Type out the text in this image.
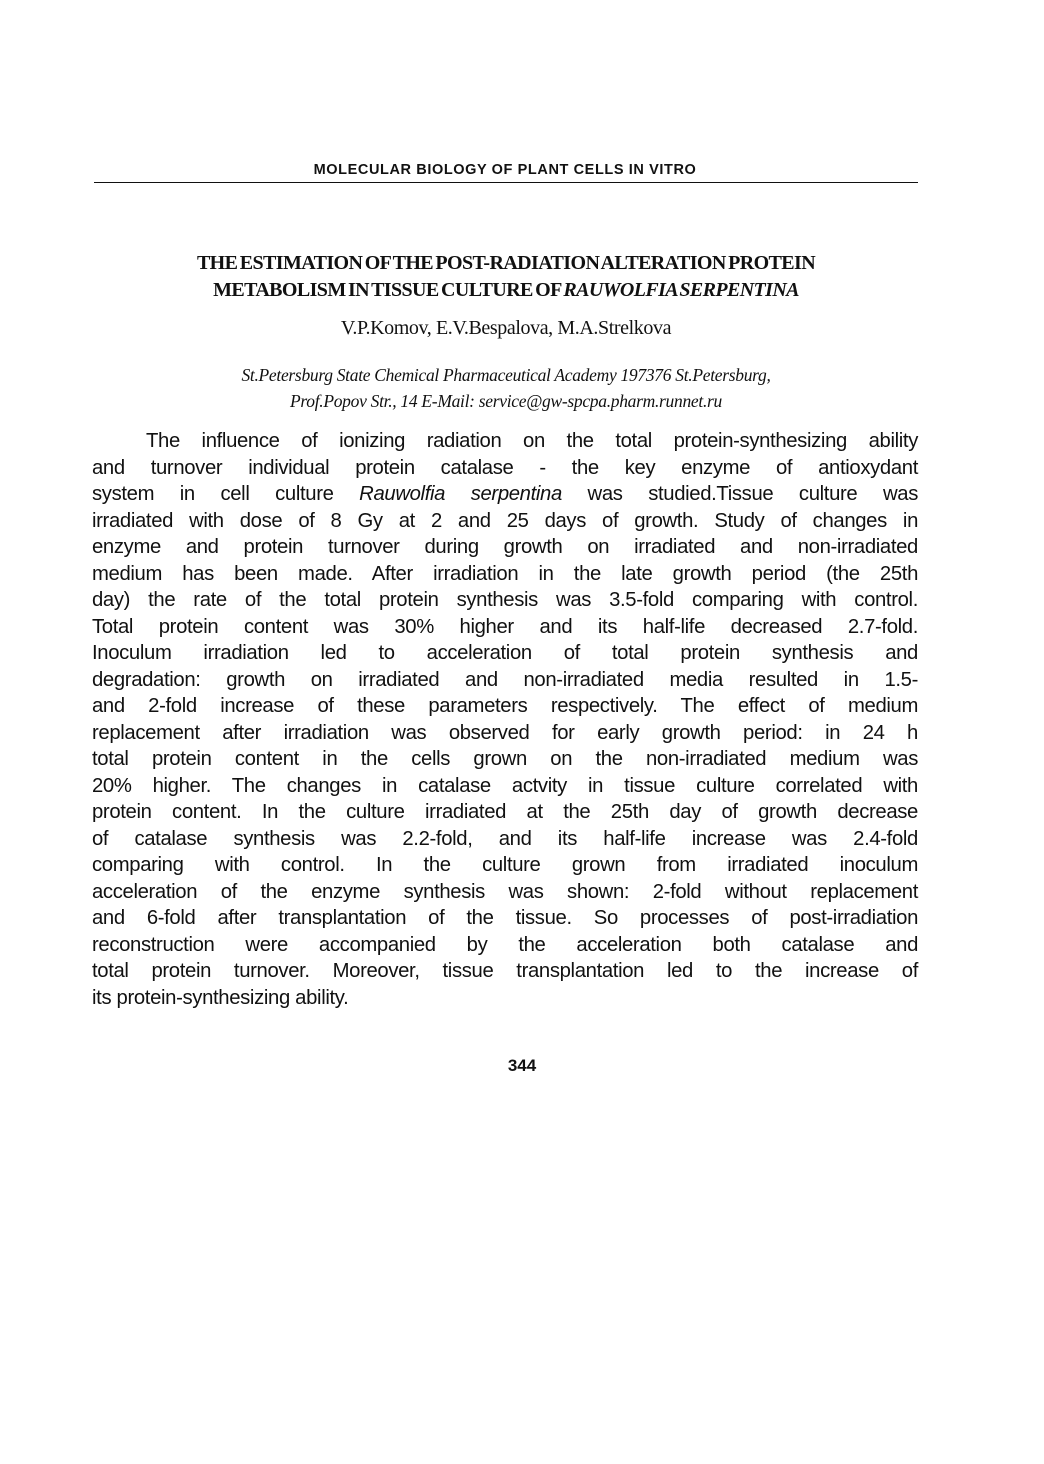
MOLECULAR BIOLOGY OF PLANT CELLS IN VITRO
THE ESTIMATION OF THE POST-RADIATION ALTERATION PROTEIN
METABOLISM IN TISSUE CULTURE OF RAUWOLFIA SERPENTINA
V.P.Komov, E.V.Bespalova, M.A.Strelkova
St.Petersburg State Chemical Pharmaceutical Academy 197376 St.Petersburg,
Prof.Popov Str., 14 E-Mail: service@gw-spcpa.pharm.runnet.ru
The influence of ionizing radiation on the total protein-synthesizing ability
and turnover individual protein catalase - the key enzyme of antioxydant
system in cell culture Rauwolfia serpentina was studied.Tissue culture was
irradiated with dose of 8 Gy at 2 and 25 days of growth. Study of changes in
enzyme and protein turnover during growth on irradiated and non-irradiated
medium has been made. After irradiation in the late growth period (the 25th
day) the rate of the total protein synthesis was 3.5-fold comparing with control.
Total protein content was 30% higher and its half-life decreased 2.7-fold.
Inoculum irradiation led to acceleration of total protein synthesis and
degradation: growth on irradiated and non-irradiated media resulted in 1.5-
and 2-fold increase of these parameters respectively. The effect of medium
replacement after irradiation was observed for early growth period: in 24 h
total protein content in the cells grown on the non-irradiated medium was
20% higher. The changes in catalase actvity in tissue culture correlated with
protein content. In the culture irradiated at the 25th day of growth decrease
of catalase synthesis was 2.2-fold, and its half-life increase was 2.4-fold
comparing with control. In the culture grown from irradiated inoculum
acceleration of the enzyme synthesis was shown: 2-fold without replacement
and 6-fold after transplantation of the tissue. So processes of post-irradiation
reconstruction were accompanied by the acceleration both catalase and
total protein turnover. Moreover, tissue transplantation led to the increase of
its protein-synthesizing ability.
344
